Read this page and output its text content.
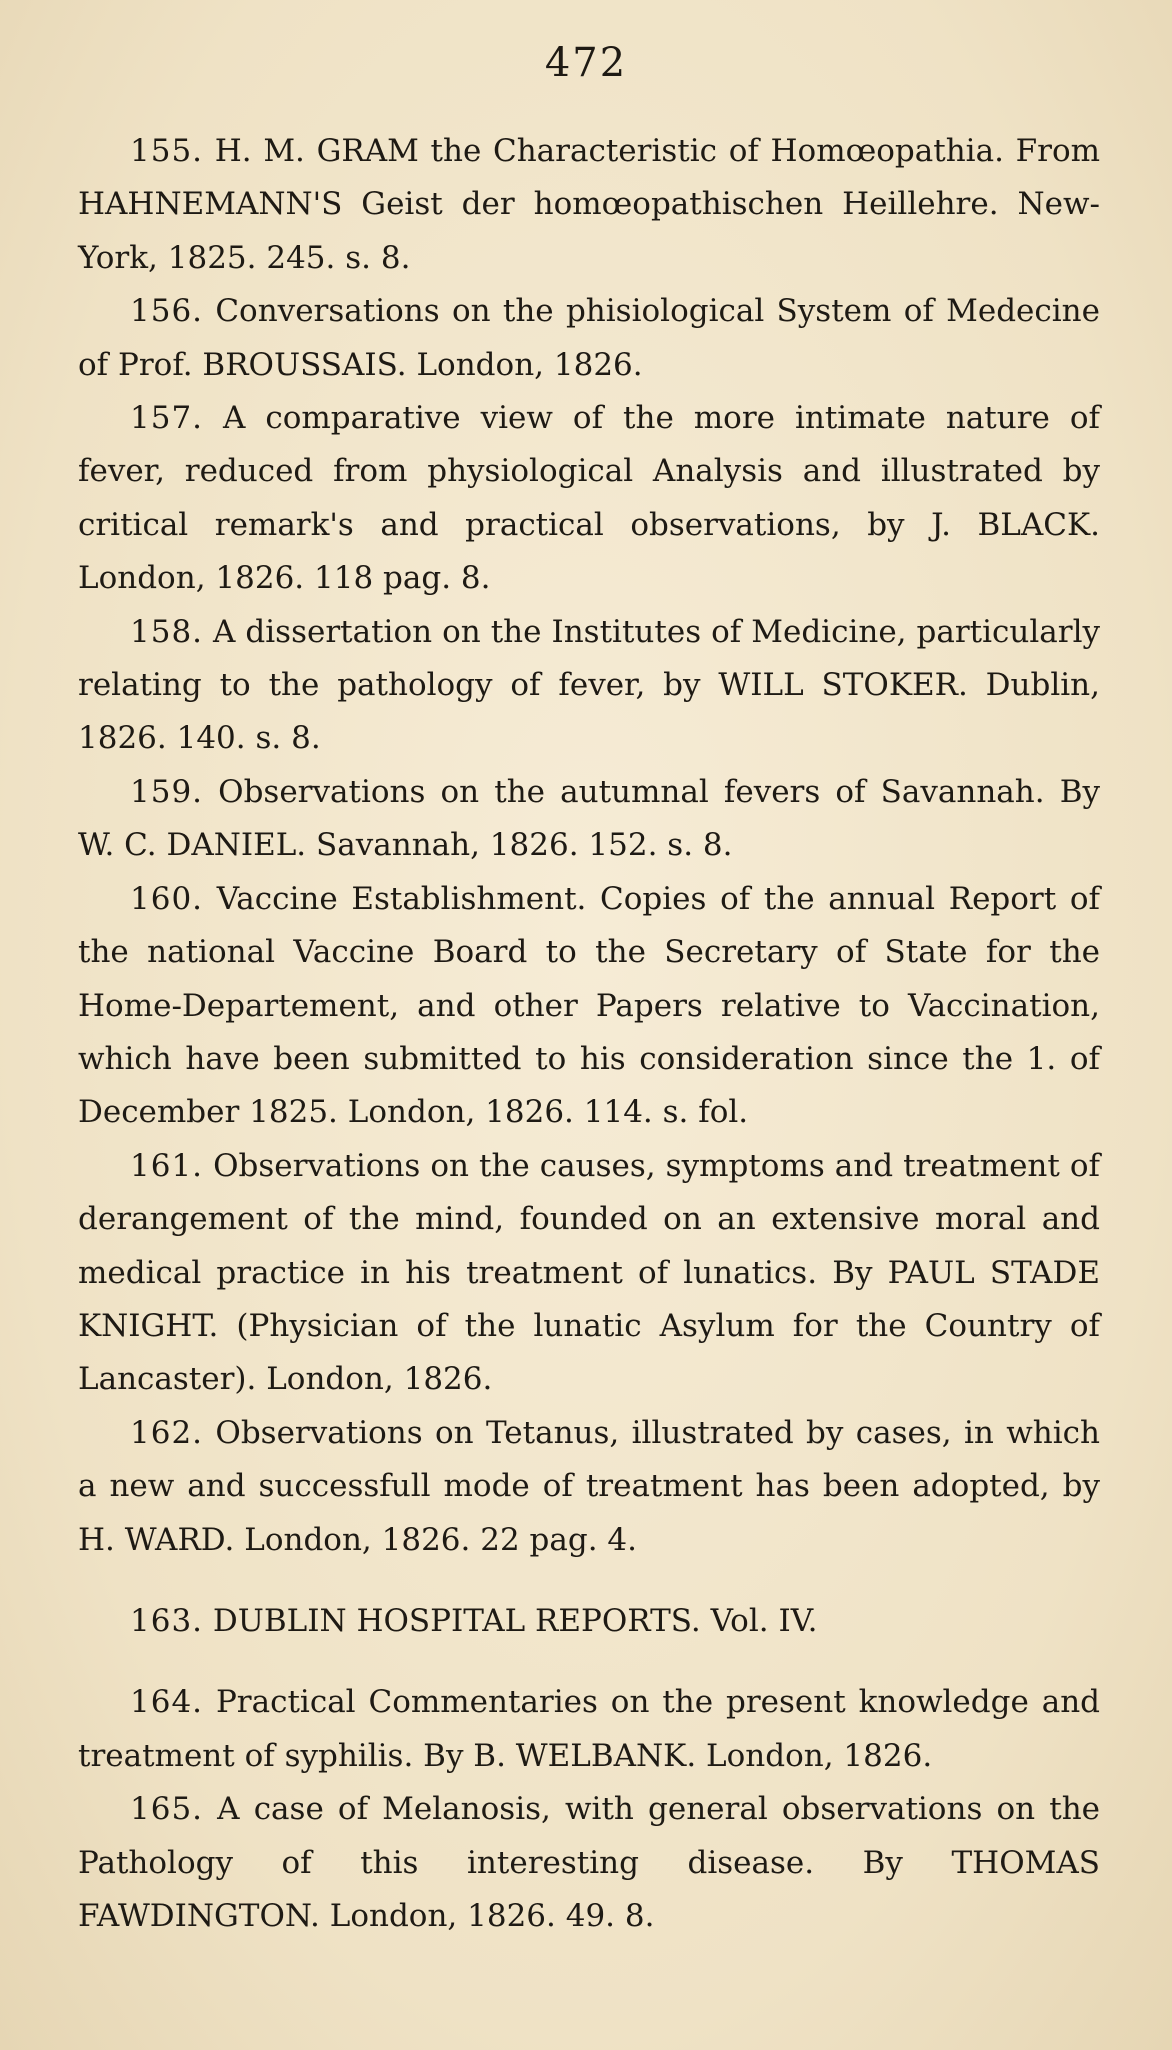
472

155. H. M. GRAM the Characteristic of Homœopathia. From HAHNEMANN'S Geist der homœopathischen Heillehre. New-York, 1825. 245. s. 8.

156. Conversations on the phisiological System of Medecine of Prof. BROUSSAIS. London, 1826.

157. A comparative view of the more intimate nature of fever, reduced from physiological Analysis and illustrated by critical remark's and practical observations, by J. BLACK. London, 1826. 118 pag. 8.

158. A dissertation on the Institutes of Medicine, particularly relating to the pathology of fever, by WILL STOKER. Dublin, 1826. 140. s. 8.

159. Observations on the autumnal fevers of Savannah. By W. C. DANIEL. Savannah, 1826. 152. s. 8.

160. Vaccine Establishment. Copies of the annual Report of the national Vaccine Board to the Secretary of State for the Home-Departement, and other Papers relative to Vaccination, which have been submitted to his consideration since the 1. of December 1825. London, 1826. 114. s. fol.

161. Observations on the causes, symptoms and treatment of derangement of the mind, founded on an extensive moral and medical practice in his treatment of lunatics. By PAUL STADE KNIGHT. (Physician of the lunatic Asylum for the Country of Lancaster). London, 1826.

162. Observations on Tetanus, illustrated by cases, in which a new and successfull mode of treatment has been adopted, by H. WARD. London, 1826. 22 pag. 4.

163. DUBLIN HOSPITAL REPORTS. Vol. IV.

164. Practical Commentaries on the present knowledge and treatment of syphilis. By B. WELBANK. London, 1826.

165. A case of Melanosis, with general observations on the Pathology of this interesting disease. By THOMAS FAWDINGTON. London, 1826. 49. 8.
